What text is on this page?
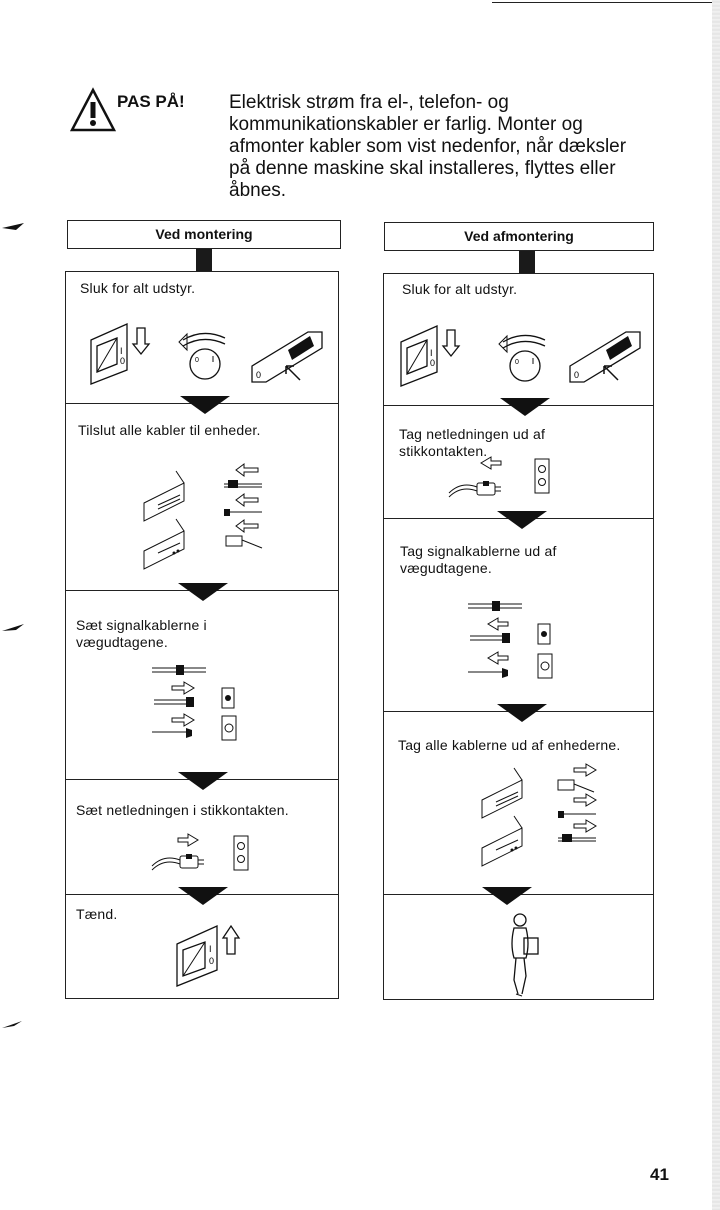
PAS PÅ! Elektrisk strøm fra el-, telefon- og kommunikationskabler er farlig. Monter og afmonter kabler som vist nedenfor, når dæksler på denne maskine skal installeres, flyttes eller åbnes.
Ved montering
Sluk for alt udstyr.
Tilslut alle kabler til enheder.
Sæt signalkablerne i vægudtagene.
Sæt netledningen i stikkontakten.
Tænd.
I
0	0
0
I
0
Ved afmontering
Sluk for alt udstyr.
Tag netledningen ud af stikkontakten.
Tag signalkablerne ud af vægudtagene.
Tag alle kablerne ud af enhederne.
I
0	0
0
41
